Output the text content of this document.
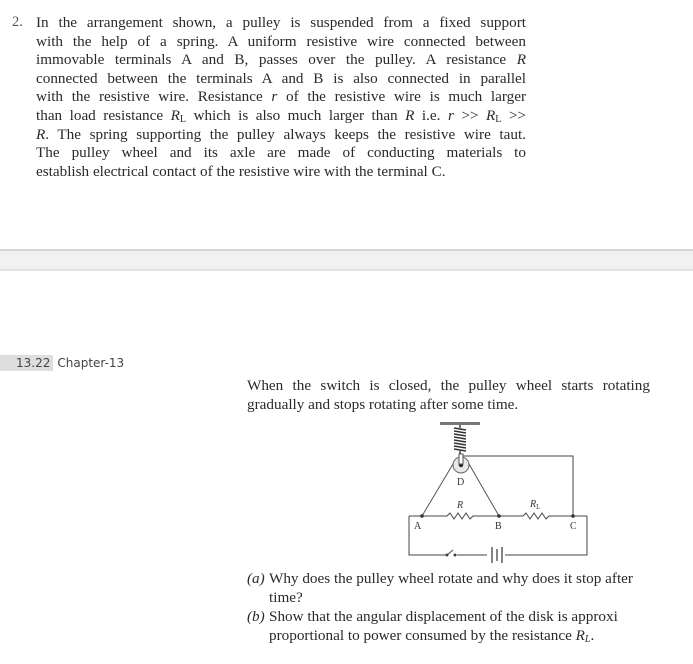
2. In the arrangement shown, a pulley is suspended from a fixed support
with the help of a spring. A uniform resistive wire connected between
immovable terminals A and B, passes over the pulley. A resistance R
connected between the terminals A and B is also connected in parallel
with the resistive wire. Resistance r of the resistive wire is much larger
than load resistance $R_L$ which is also much larger than R i.e. $r >> R_L$ >>
R. The spring supporting the pulley always keeps the resistive wire taut.
The pulley wheel and its axle are made of conducting materials to
establish electrical contact of the resistive wire with the terminal C.
13.22 Chapter-13
When the switch is closed, the pulley wheel starts rotating
gradually and stops rotating after some time.
D
R	$R_L$
A	B	C
(a) Why does the pulley wheel rotate and why does it stop after
time?
(b) Show that the angular displacement of the disk is approxi
proportional to power consumed by the resistance $R_L$.
